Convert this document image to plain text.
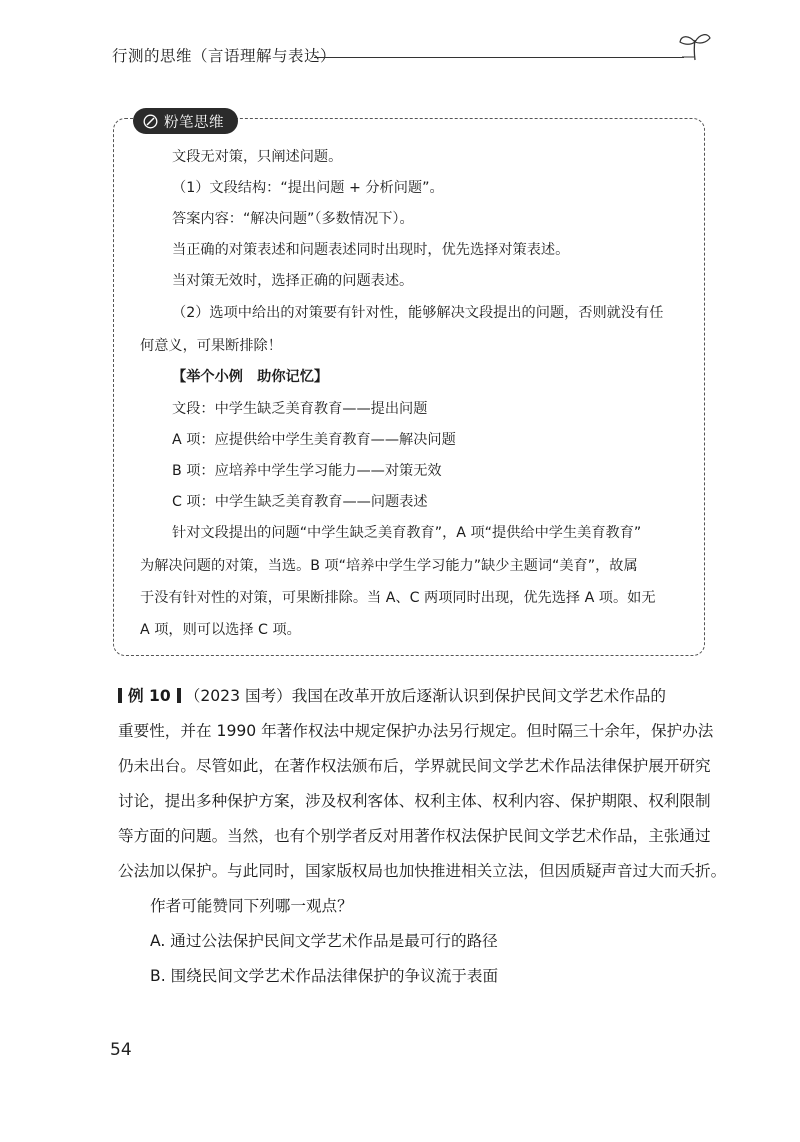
行测的思维（言语理解与表达）
粉笔思维
文段无对策，只阐述问题。
（1）文段结构：“提出问题 + 分析问题”。
答案内容：“解决问题”（多数情况下）。
当正确的对策表述和问题表述同时出现时，优先选择对策表述。
当对策无效时，选择正确的问题表述。
（2）选项中给出的对策要有针对性，能够解决文段提出的问题，否则就没有任
何意义，可果断排除！
【举个小例　助你记忆】
文段：中学生缺乏美育教育——提出问题
A 项：应提供给中学生美育教育——解决问题
B 项：应培养中学生学习能力——对策无效
C 项：中学生缺乏美育教育——问题表述
针对文段提出的问题“中学生缺乏美育教育”，A 项“提供给中学生美育教育”
为解决问题的对策，当选。B 项“培养中学生学习能力”缺少主题词“美育”，故属
于没有针对性的对策，可果断排除。当 A、C 两项同时出现，优先选择 A 项。如无
A 项，则可以选择 C 项。
例 10 （2023 国考）我国在改革开放后逐渐认识到保护民间文学艺术作品的
重要性，并在 1990 年著作权法中规定保护办法另行规定。但时隔三十余年，保护办法
仍未出台。尽管如此，在著作权法颁布后，学界就民间文学艺术作品法律保护展开研究
讨论，提出多种保护方案，涉及权利客体、权利主体、权利内容、保护期限、权利限制
等方面的问题。当然，也有个别学者反对用著作权法保护民间文学艺术作品，主张通过
公法加以保护。与此同时，国家版权局也加快推进相关立法，但因质疑声音过大而夭折。
作者可能赞同下列哪一观点？
A. 通过公法保护民间文学艺术作品是最可行的路径
B. 围绕民间文学艺术作品法律保护的争议流于表面
54
